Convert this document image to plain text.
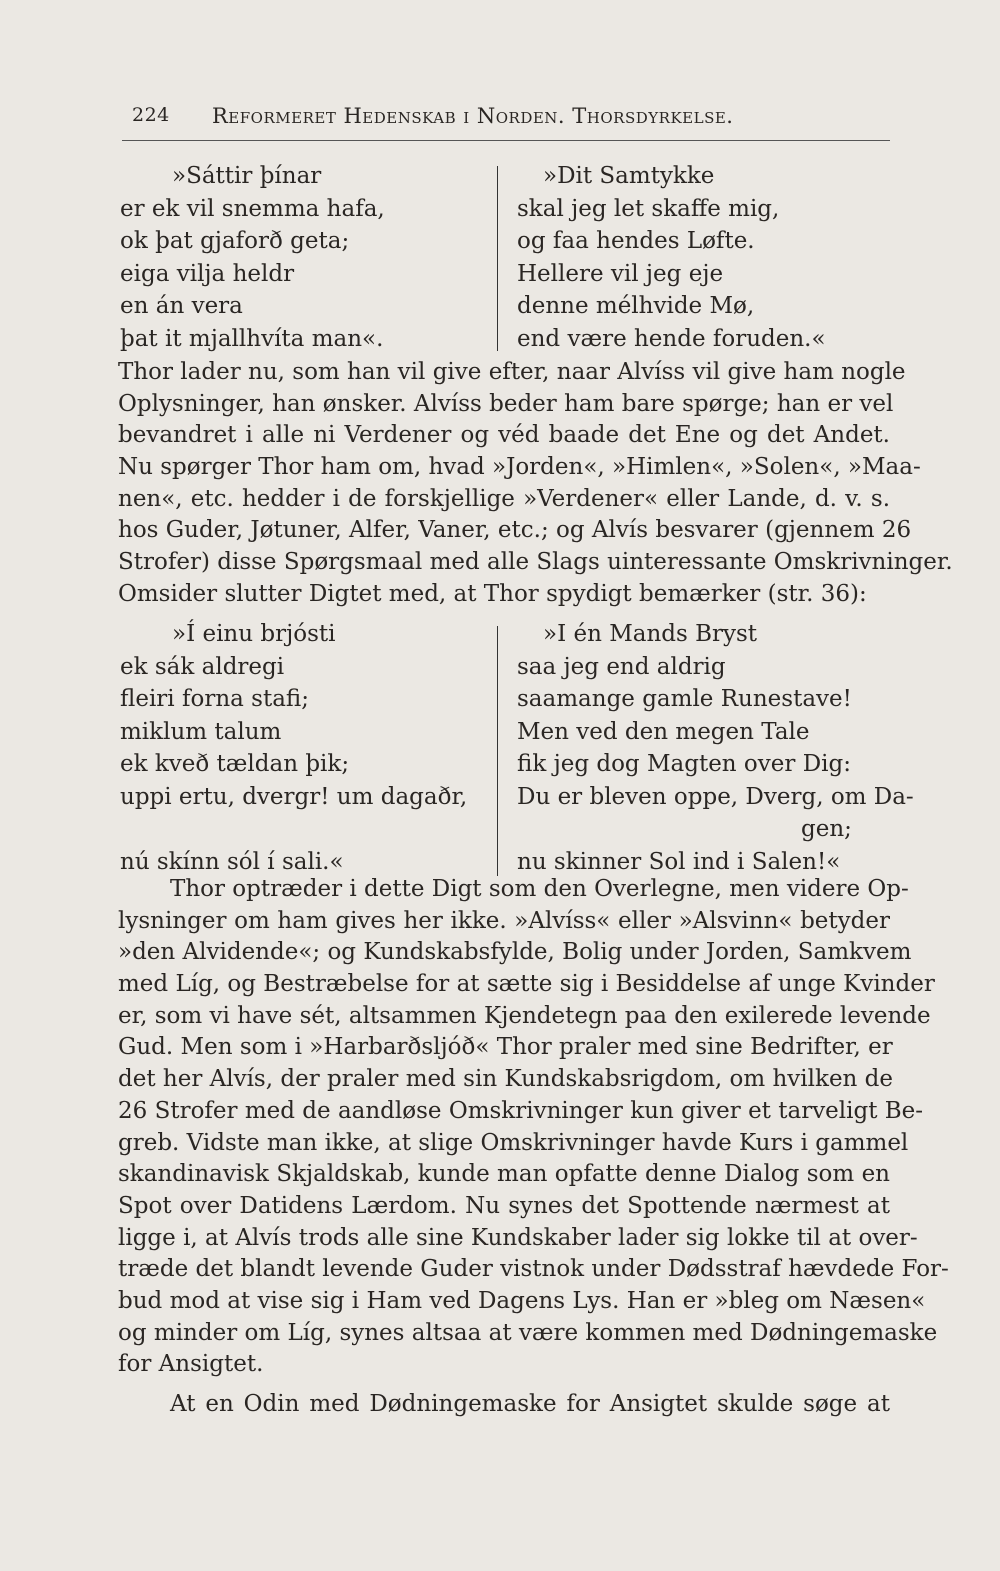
224 Reformeret Hedenskab i Norden. Thorsdyrkelse.
»Sáttir þínar
er ek vil snemma hafa,
ok þat gjaforð geta;
eiga vilja heldr
en án vera
þat it mjallhvíta man«.
»Dit Samtykke
skal jeg let skaffe mig,
og faa hendes Løfte.
Hellere vil jeg eje
denne mélhvide Mø,
end være hende foruden.«
Thor lader nu, som han vil give efter, naar Alvíss vil give ham nogle
Oplysninger, han ønsker. Alvíss beder ham bare spørge; han er vel
bevandret i alle ni Verdener og véd baade det Ene og det Andet.
Nu spørger Thor ham om, hvad »Jorden«, »Himlen«, »Solen«, »Maa-
nen«, etc. hedder i de forskjellige »Verdener« eller Lande, d. v. s.
hos Guder, Jøtuner, Alfer, Vaner, etc.; og Alvís besvarer (gjennem 26
Strofer) disse Spørgsmaal med alle Slags uinteressante Omskrivninger.
Omsider slutter Digtet med, at Thor spydigt bemærker (str. 36):
»Í einu brjósti
ek sák aldregi
fleiri forna stafi;
miklum talum
ek kveð tældan þik;
uppi ertu, dvergr! um dagaðr,
nú skínn sól í sali.«
»I én Mands Bryst
saa jeg end aldrig
saamange gamle Runestave!
Men ved den megen Tale
fik jeg dog Magten over Dig:
Du er bleven oppe, Dverg, om Da-
gen;
nu skinner Sol ind i Salen!«
Thor optræder i dette Digt som den Overlegne, men videre Op-
lysninger om ham gives her ikke. »Alvíss« eller »Alsvinn« betyder
»den Alvidende«; og Kundskabsfylde, Bolig under Jorden, Samkvem
med Líg, og Bestræbelse for at sætte sig i Besiddelse af unge Kvinder
er, som vi have sét, altsammen Kjendetegn paa den exilerede levende
Gud. Men som i »Harbarðsljóð« Thor praler med sine Bedrifter, er
det her Alvís, der praler med sin Kundskabsrigdom, om hvilken de
26 Strofer med de aandløse Omskrivninger kun giver et tarveligt Be-
greb. Vidste man ikke, at slige Omskrivninger havde Kurs i gammel
skandinavisk Skjaldskab, kunde man opfatte denne Dialog som en
Spot over Datidens Lærdom. Nu synes det Spottende nærmest at
ligge i, at Alvís trods alle sine Kundskaber lader sig lokke til at over-
træde det blandt levende Guder vistnok under Dødsstraf hævdede For-
bud mod at vise sig i Ham ved Dagens Lys. Han er »bleg om Næsen«
og minder om Líg, synes altsaa at være kommen med Dødningemaske
for Ansigtet.
At en Odin med Dødningemaske for Ansigtet skulde søge at
